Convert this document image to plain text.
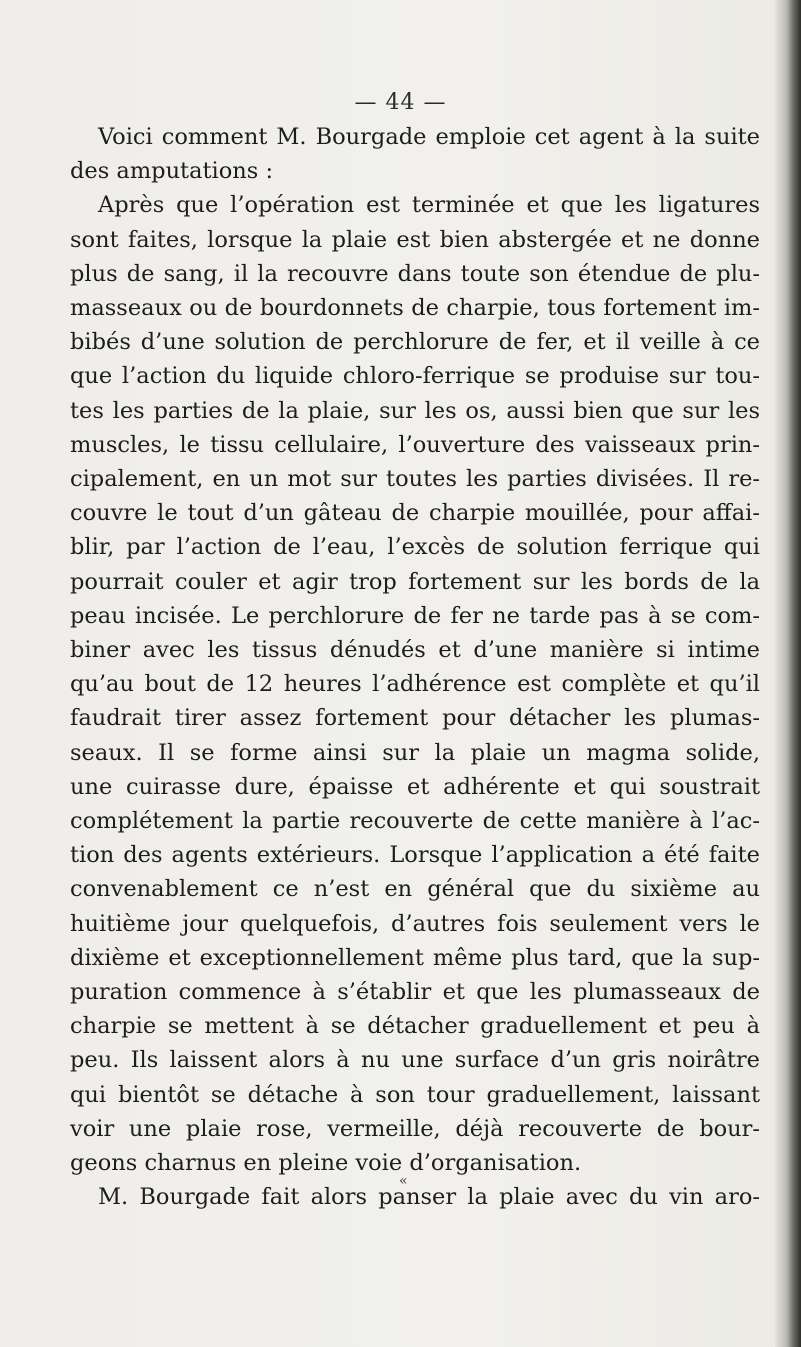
— 44 —
Voici comment M. Bourgade emploie cet agent à la suite
des amputations :
Après que l’opération est terminée et que les ligatures
sont faites, lorsque la plaie est bien abstergée et ne donne
plus de sang, il la recouvre dans toute son étendue de plu-
masseaux ou de bourdonnets de charpie, tous fortement im-
bibés d’une solution de perchlorure de fer, et il veille à ce
que l’action du liquide chloro-ferrique se produise sur tou-
tes les parties de la plaie, sur les os, aussi bien que sur les
muscles, le tissu cellulaire, l’ouverture des vaisseaux prin-
cipalement, en un mot sur toutes les parties divisées. Il re-
couvre le tout d’un gâteau de charpie mouillée, pour affai-
blir, par l’action de l’eau, l’excès de solution ferrique qui
pourrait couler et agir trop fortement sur les bords de la
peau incisée. Le perchlorure de fer ne tarde pas à se com-
biner avec les tissus dénudés et d’une manière si intime
qu’au bout de 12 heures l’adhérence est complète et qu’il
faudrait tirer assez fortement pour détacher les plumas-
seaux. Il se forme ainsi sur la plaie un magma solide,
une cuirasse dure, épaisse et adhérente et qui soustrait
complétement la partie recouverte de cette manière à l’ac-
tion des agents extérieurs. Lorsque l’application a été faite
convenablement ce n’est en général que du sixième au
huitième jour quelquefois, d’autres fois seulement vers le
dixième et exceptionnellement même plus tard, que la sup-
puration commence à s’établir et que les plumasseaux de
charpie se mettent à se détacher graduellement et peu à
peu. Ils laissent alors à nu une surface d’un gris noirâtre
qui bientôt se détache à son tour graduellement, laissant
voir une plaie rose, vermeille, déjà recouverte de bour-
geons charnus en pleine voie d’organisation.
M. Bourgade fait alors panser la plaie avec du vin aro-
«
